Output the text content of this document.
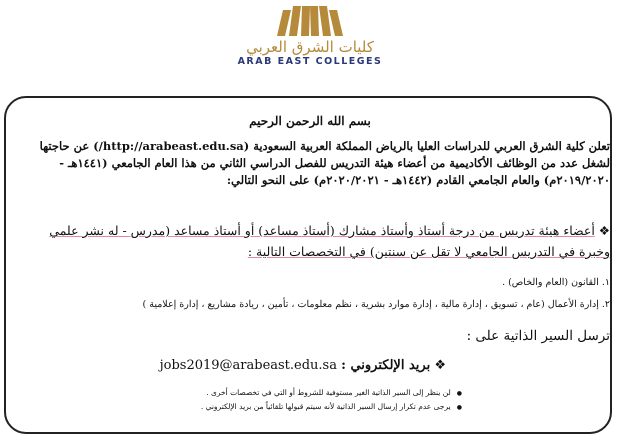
كليات الشرق العربي
ARAB EAST COLLEGES
بسم الله الرحمن الرحيم
تعلن كلية الشرق العربي للدراسات العليا بالرياض المملكة العربية السعودية (http://arabeast.edu.sa/) عن حاجتها لشغل عدد من الوظائف الأكاديمية من أعضاء هيئة التدريس للفصل الدراسي الثاني من هذا العام الجامعي (١٤٤١هـ - ٢٠١٩/٢٠٢٠م) والعام الجامعي القادم (١٤٤٢هـ - ٢٠٢٠/٢٠٢١م) على النحو التالي:
❖ أعضاء هيئة تدريس من درجة أستاذ وأستاذ مشارك (أستاذ مساعد) أو أستاذ مساعد (مدرس - له نشر علمي وخبرة في التدريس الجامعي لا تقل عن سنتين) في التخصصات التالية :
١. القانون (العام والخاص) .
٢. إدارة الأعمال (عام ، تسويق ، إدارة مالية ، إدارة موارد بشرية ، نظم معلومات ، تأمين ، ريادة مشاريع ، إدارة إعلامية )
ترسل السير الذاتية على :
❖ بريد الإلكتروني : jobs2019@arabeast.edu.sa
● لن ينظر إلى السير الذاتية الغير مستوفية للشروط أو التي في تخصصات أخرى .
● يرجى عدم تكرار إرسال السير الذاتية لأنه سيتم قبولها تلقائياً من بريد الإلكتروني .
